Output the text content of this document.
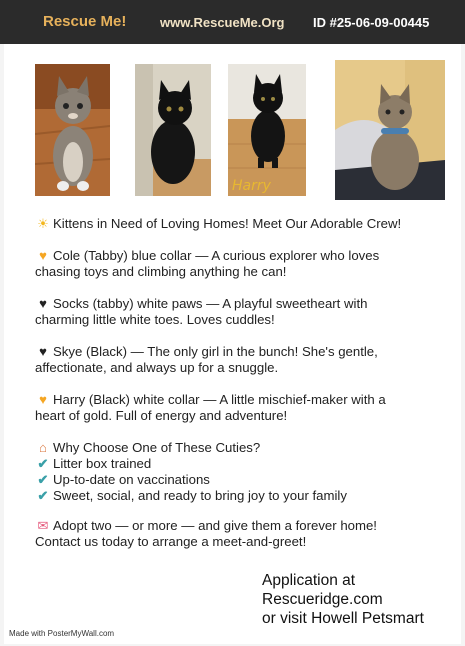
Rescue Me!	www.RescueMe.Org ID #25-06-09-00445
Harry
☀ Kittens in Need of Loving Homes! Meet Our Adorable Crew!
♥ Cole (Tabby) blue collar — A curious explorer who loves
chasing toys and climbing anything he can!
♥ Socks (tabby) white paws — A playful sweetheart with
charming little white toes. Loves cuddles!
♥ Skye (Black) — The only girl in the bunch! She's gentle,
affectionate, and always up for a snuggle.
♥ Harry (Black) white collar — A little mischief-maker with a
heart of gold. Full of energy and adventure!
⌂ Why Choose One of These Cuties?
✔ Litter box trained
✔ Up-to-date on vaccinations
✔ Sweet, social, and ready to bring joy to your family
✉ Adopt two — or more — and give them a forever home!
Contact us today to arrange a meet-and-greet!
Application at
Rescueridge.com
or visit Howell Petsmart
Made with PosterMyWall.com
